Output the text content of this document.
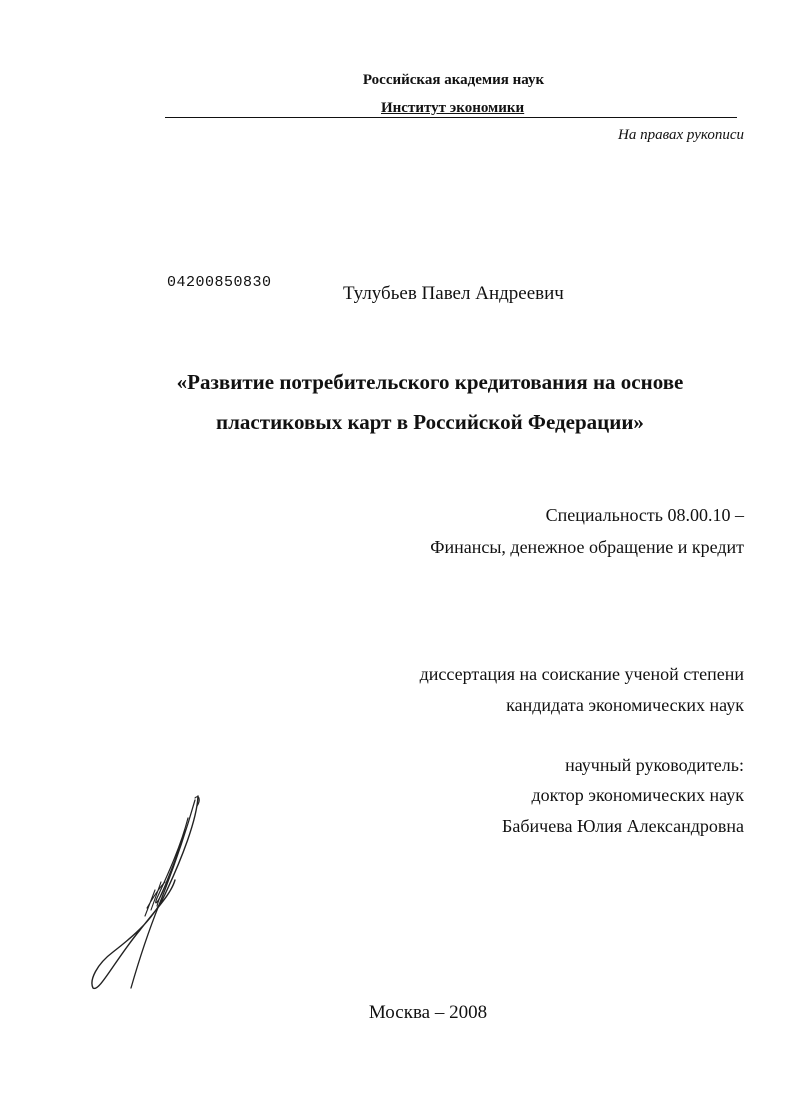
Российская академия наук
Институт экономики
На правах рукописи
04200850830
Тулубьев Павел Андреевич
«Развитие потребительского кредитования на основе
пластиковых карт в Российской Федерации»
Специальность 08.00.10 –
Финансы, денежное обращение и кредит
диссертация на соискание ученой степени
кандидата экономических наук
научный руководитель:
доктор экономических наук
Бабичева Юлия Александровна
Москва – 2008
